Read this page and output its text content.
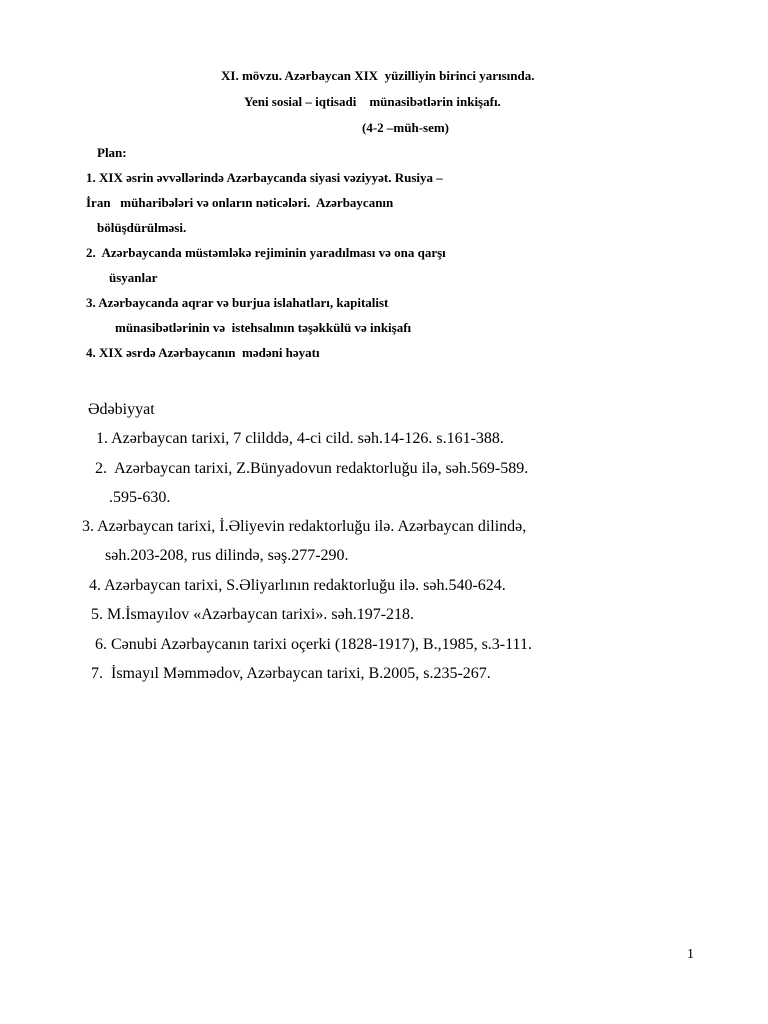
XI. mövzu. Azərbaycan XIX  yüzilliyin birinci yarısında.
Yeni sosial – iqtisadi    münasibətlərin inkişafı.
(4-2 –müh-sem)
Plan:
1. XIX əsrin əvvəllərində Azərbaycanda siyasi vəziyyət. Rusiya –
İran   müharibələri və onların nəticələri.  Azərbaycanın
bölüşdürülməsi.
2.  Azərbaycanda müstəmləkə rejiminin yaradılması və ona qarşı
üsyanlar
3. Azərbaycanda aqrar və burjua islahatları, kapitalist
münasibətlərinin və  istehsalının təşəkkülü və inkişafı
4. XIX əsrdə Azərbaycanın  mədəni həyatı
Ədəbiyyat
1. Azərbaycan tarixi, 7 clilddə, 4-ci cild. səh.14-126. s.161-388.
2.  Azərbaycan tarixi, Z.Bünyadovun redaktorluğu ilə, səh.569-589.
.595-630.
3. Azərbaycan tarixi, İ.Əliyevin redaktorluğu ilə. Azərbaycan dilində,
səh.203-208, rus dilində, səş.277-290.
4. Azərbaycan tarixi, S.Əliyarlının redaktorluğu ilə. səh.540-624.
5. M.İsmayılov «Azərbaycan tarixi». səh.197-218.
6. Cənubi Azərbaycanın tarixi oçerki (1828-1917), B.,1985, s.3-111.
7.  İsmayıl Məmmədov, Azərbaycan tarixi, B.2005, s.235-267.
1
